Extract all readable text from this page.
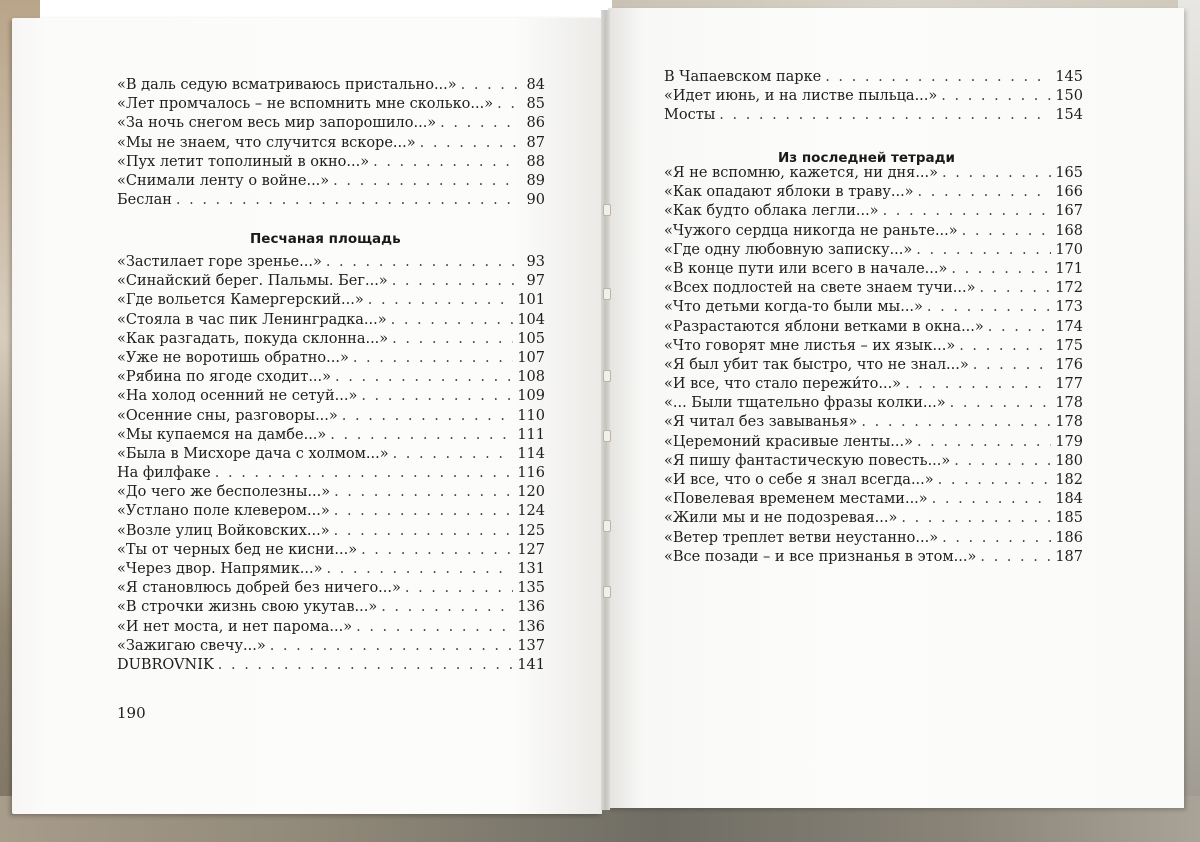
«В даль седую всматриваюсь пристально...» . . .	84
«Лет промчалось – не вспомнить мне сколько...» . . .	85
«За ночь снегом весь мир запорошило...» . . .	86
«Мы не знаем, что случится вскоре...» . . .	87
«Пух летит тополиный в окно...» . . .	88
«Снимали ленту о войне...» . . .	89
Беслан . . .	90
Песчаная площадь
«Застилает горе зренье...» . . .	93
«Синайский берег. Пальмы. Бег...» . . .	97
«Где вольется Камергерский...» . . .	101
«Стояла в час пик Ленинградка...» . . .	104
«Как разгадать, покуда склонна...» . . .	105
«Уже не воротишь обратно...» . . .	107
«Рябина по ягоде сходит...» . . .	108
«На холод осенний не сетуй...» . . .	109
«Осенние сны, разговоры...» . . .	110
«Мы купаемся на дамбе...» . . .	111
«Была в Мисхоре дача с холмом...» . . .	114
На филфаке . . .	116
«До чего же бесполезны...» . . .	120
«Устлано поле клевером...» . . .	124
«Возле улиц Войковских...» . . .	125
«Ты от черных бед не кисни...» . . .	127
«Через двор. Напрямик...» . . .	131
«Я становлюсь добрей без ничего...» . . .	135
«В строчки жизнь свою укутав...» . . .	136
«И нет моста, и нет парома...» . . .	136
«Зажигаю свечу...» . . .	137
DUBROVNIK . . .	141
190
В Чапаевском парке . . .	145
«Идет июнь, и на листве пыльца...» . . .	150
Мосты . . .	154
Из последней тетради
«Я не вспомню, кажется, ни дня...» . . .	165
«Как опадают яблоки в траву...» . . .	166
«Как будто облака легли...» . . .	167
«Чужого сердца никогда не раньте...» . . .	168
«Где одну любовную записку...» . . .	170
«В конце пути или всего в начале...» . . .	171
«Всех подлостей на свете знаем тучи...» . . .	172
«Что детьми когда-то были мы...» . . .	173
«Разрастаются яблони ветками в окна...» . . .	174
«Что говорят мне листья – их язык...» . . .	175
«Я был убит так быстро, что не знал...» . . .	176
«И все, что стало пережи́то...» . . .	177
«... Были тщательно фразы колки...» . . .	178
«Я читал без завыванья» . . .	178
«Церемоний красивые ленты...» . . .	179
«Я пишу фантастическую повесть...» . . .	180
«И все, что о себе я знал всегда...» . . .	182
«Повелевая временем местами...» . . .	184
«Жили мы и не подозревая...» . . .	185
«Ветер треплет ветви неустанно...» . . .	186
«Все позади – и все признанья в этом...» . . .	187
